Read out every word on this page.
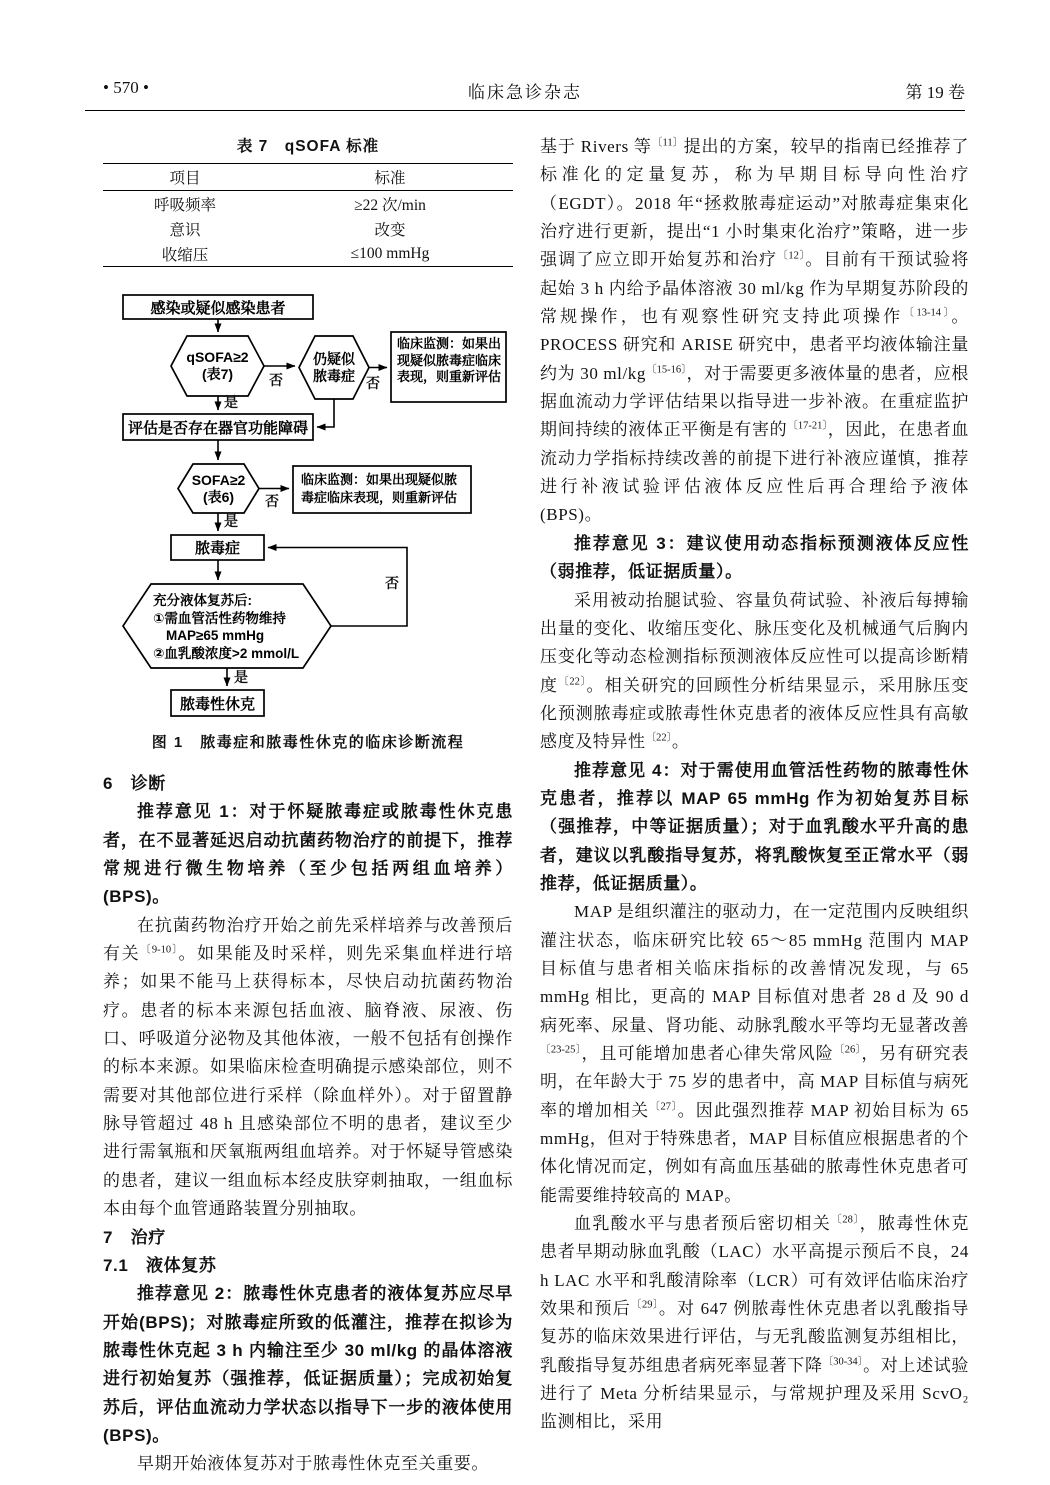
• 570 •	临床急诊杂志	第 19 卷
表 7　qSOFA 标准
项目	标准
呼吸频率	≥22 次/min
意识	改变
收缩压	≤100 mmHg
感染或疑似感染患者
qSOFA≥2
(表7)
仍疑似
脓毒症
临床监测：如果出现疑似脓毒症临床表现，则重新评估
评估是否存在器官功能障碍
SOFA≥2
(表6)
临床监测：如果出现疑似脓毒症临床表现，则重新评估
脓毒症
充分液体复苏后:
①需血管活性药物维持
MAP≥65 mmHg
②血乳酸浓度>2 mmol/L
脓毒性休克
否	否
是
否
是
否
是
图 1　脓毒症和脓毒性休克的临床诊断流程
6　诊断

推荐意见 1：对于怀疑脓毒症或脓毒性休克患者，在不显著延迟启动抗菌药物治疗的前提下，推荐常规进行微生物培养（至少包括两组血培养）(BPS)。

在抗菌药物治疗开始之前先采样培养与改善预后有关$^{〔9-10〕}$。如果能及时采样，则先采集血样进行培养；如果不能马上获得标本，尽快启动抗菌药物治疗。患者的标本来源包括血液、脑脊液、尿液、伤口、呼吸道分泌物及其他体液，一般不包括有创操作的标本来源。如果临床检查明确提示感染部位，则不需要对其他部位进行采样（除血样外）。对于留置静脉导管超过 48 h 且感染部位不明的患者，建议至少进行需氧瓶和厌氧瓶两组血培养。对于怀疑导管感染的患者，建议一组血标本经皮肤穿刺抽取，一组血标本由每个血管通路装置分别抽取。

7　治疗
7.1　液体复苏

推荐意见 2：脓毒性休克患者的液体复苏应尽早开始(BPS)；对脓毒症所致的低灌注，推荐在拟诊为脓毒性休克起 3 h 内输注至少 30 ml/kg 的晶体溶液进行初始复苏（强推荐，低证据质量）；完成初始复苏后，评估血流动力学状态以指导下一步的液体使用(BPS)。

早期开始液体复苏对于脓毒性休克至关重要。

基于 Rivers 等$^{〔11〕}$提出的方案，较早的指南已经推荐了标准化的定量复苏，称为早期目标导向性治疗（EGDT）。2018 年“拯救脓毒症运动”对脓毒症集束化治疗进行更新，提出“1 小时集束化治疗”策略，进一步强调了应立即开始复苏和治疗$^{〔12〕}$。目前有干预试验将起始 3 h 内给予晶体溶液 30 ml/kg 作为早期复苏阶段的常规操作，也有观察性研究支持此项操作$^{〔13-14〕}$。PROCESS 研究和 ARISE 研究中，患者平均液体输注量约为 30 ml/kg$^{〔15-16〕}$，对于需要更多液体量的患者，应根据血流动力学评估结果以指导进一步补液。在重症监护期间持续的液体正平衡是有害的$^{〔17-21〕}$，因此，在患者血流动力学指标持续改善的前提下进行补液应谨慎，推荐进行补液试验评估液体反应性后再合理给予液体(BPS)。

推荐意见 3：建议使用动态指标预测液体反应性（弱推荐，低证据质量）。

采用被动抬腿试验、容量负荷试验、补液后每搏输出量的变化、收缩压变化、脉压变化及机械通气后胸内压变化等动态检测指标预测液体反应性可以提高诊断精度$^{〔22〕}$。相关研究的回顾性分析结果显示，采用脉压变化预测脓毒症或脓毒性休克患者的液体反应性具有高敏感度及特异性$^{〔22〕}$。

推荐意见 4：对于需使用血管活性药物的脓毒性休克患者，推荐以 MAP 65 mmHg 作为初始复苏目标（强推荐，中等证据质量）；对于血乳酸水平升高的患者，建议以乳酸指导复苏，将乳酸恢复至正常水平（弱推荐，低证据质量）。

MAP 是组织灌注的驱动力，在一定范围内反映组织灌注状态，临床研究比较 65～85 mmHg 范围内 MAP 目标值与患者相关临床指标的改善情况发现，与 65 mmHg 相比，更高的 MAP 目标值对患者 28 d 及 90 d 病死率、尿量、肾功能、动脉乳酸水平等均无显著改善$^{〔23-25〕}$，且可能增加患者心律失常风险$^{〔26〕}$，另有研究表明，在年龄大于 75 岁的患者中，高 MAP 目标值与病死率的增加相关$^{〔27〕}$。因此强烈推荐 MAP 初始目标为 65 mmHg，但对于特殊患者，MAP 目标值应根据患者的个体化情况而定，例如有高血压基础的脓毒性休克患者可能需要维持较高的 MAP。

血乳酸水平与患者预后密切相关$^{〔28〕}$，脓毒性休克患者早期动脉血乳酸（LAC）水平高提示预后不良，24 h LAC 水平和乳酸清除率（LCR）可有效评估临床治疗效果和预后$^{〔29〕}$。对 647 例脓毒性休克患者以乳酸指导复苏的临床效果进行评估，与无乳酸监测复苏组相比，乳酸指导复苏组患者病死率显著下降$^{〔30-34〕}$。对上述试验进行了 Meta 分析结果显示，与常规护理及采用 ScvO₂ 监测相比，采用
